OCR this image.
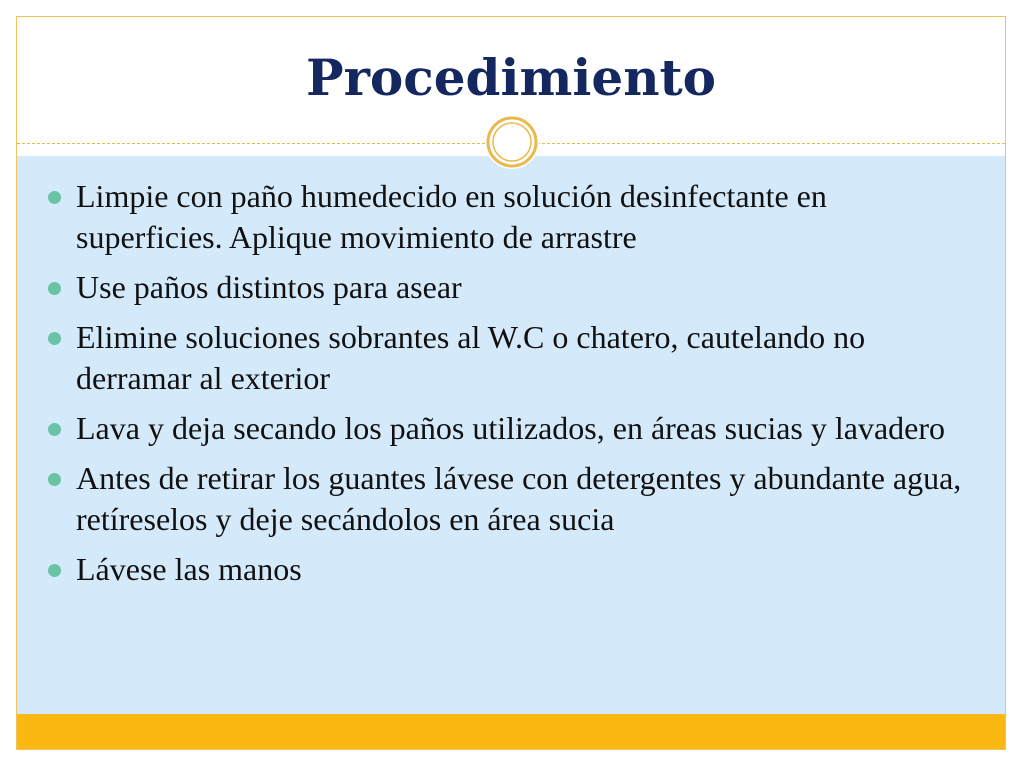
Procedimiento
Limpie con paño humedecido en solución desinfectante en superficies. Aplique movimiento de arrastre
Use paños distintos para asear
Elimine soluciones sobrantes al W.C o chatero, cautelando no derramar al exterior
Lava y deja secando los paños utilizados, en áreas sucias y lavadero
Antes de retirar los guantes lávese con detergentes y abundante agua, retíreselos y deje secándolos en área sucia
Lávese las manos
